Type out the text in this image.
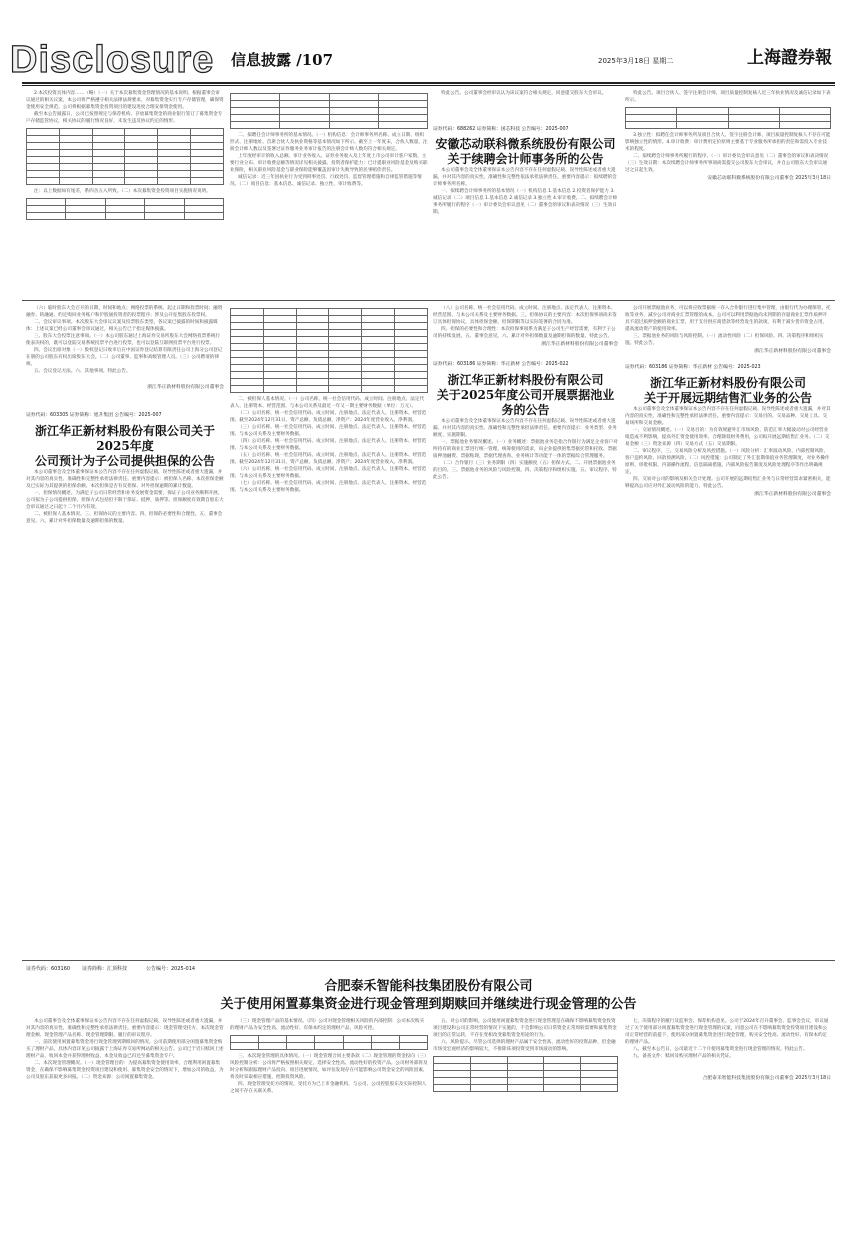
Disclosure 信息披露 /107	2025年3月18日 星期二	上海證券報

2.本次投资具体内容……（略）（一）关于本次募集资金管理情况的基本说明。根据董事会审议通过的相关议案，本公司将严格遵守相关法律法规要求，对募集资金实行专户存储管理，确保资金使用安全规范。公司将根据募集资金投资项目的建设进度合理安排资金使用。

截至本公告披露日，公司已按照规定与保荐机构、存放募集资金的商业银行签订了募集资金专户存储监管协议，相关协议的履行情况良好，未发生违反协议约定的情形。

注：以上数据如有尾差，系四舍五入所致。（二）本次募集资金投资项目实施情况说明。

二、拟聘任会计师事务所的基本情况。（一）机构信息：会计师事务所名称、成立日期、组织形式、注册地址、首席合伙人及执业资格等基本情况如下所示。截至上一年度末，合伙人数量、注册会计师人数以及签署过证券服务业务审计报告的注册会计师人数均符合相关规定。

上年度经审计的收入总额、审计业务收入、证券业务收入及上年度上市公司审计客户家数、主要行业分布、审计收费总额等情况详见相关披露。投资者保护能力：已计提职业风险基金及购买职业保险，相关职业风险基金与职业保险能够覆盖因审计失败导致的民事赔偿责任。

诚信记录：近三年因执业行为受到刑事处罚、行政处罚、监督管理措施和自律监管措施等情况。（二）项目信息：基本信息、诚信记录、独立性、审计收费等。

特此公告。公司董事会经审议认为该议案符合相关规定，同意提交股东大会审议。

证券代码：688262 证券简称：国芯科技 公告编号：2025-007
安徽芯动联科微系统股份有限公司
关于续聘会计师事务所的公告

本公司董事会及全体董事保证本公告内容不存在任何虚假记载、误导性陈述或者重大遗漏，并对其内容的真实性、准确性和完整性依法承担法律责任。重要内容提示：拟续聘的会计师事务所名称。

一、拟续聘会计师事务所的基本情况（一）机构信息 1.基本信息 2.投资者保护能力 3.诚信记录（二）项目信息 1.基本信息 2.诚信记录 3.独立性 4.审计收费。二、拟续聘会计师事务所履行的程序（一）审计委员会审议意见（二）董事会的审议和表决情况（三）生效日期。

特此公告。项目合伙人、签字注册会计师、项目质量控制复核人近三年执业情况及诚信记录如下表所示。

3.独立性：拟聘任会计师事务所及项目合伙人、签字注册会计师、项目质量控制复核人不存在可能影响独立性的情形。4.审计收费：审计费用定价原则主要基于专业服务所承担的责任和需投入专业技术的程度。

二、拟续聘会计师事务所履行的程序。（一）审计委员会审议意见（二）董事会的审议和表决情况（三）生效日期：本次续聘会计师事务所事项尚需提交公司股东大会审议，并自公司股东大会审议通过之日起生效。

安徽芯动联科微系统股份有限公司董事会 2025年3月18日

（六）临时股东大会召开的日期、时间和地点；网络投票的系统、起止日期和投票时间；融资融券、转融通、约定购回业务账户和沪股通投资者的投票程序；涉及公开征集股东投票权。

二、会议审议事项。本次股东大会审议议案及投票股东类型。各议案已披露的时间和披露媒体：上述议案已经公司董事会审议通过，相关公告已于指定媒体披露。

三、股东大会投票注意事项。（一）本公司股东通过上海证券交易所股东大会网络投票系统行使表决权的，既可以登陆交易系统投票平台进行投票，也可以登陆互联网投票平台进行投票。

四、会议出席对象（一）股权登记日收市后在中国证券登记结算有限责任公司上海分公司登记在册的公司股东有权出席股东大会。（二）公司董事、监事和高级管理人员。（三）公司聘请的律师。

五、会议登记方法。六、其他事项。特此公告。

浙江华正新材料股份有限公司董事会
证券代码：603305 证券简称：旭升集团 公告编号：2025-007
浙江华正新材料股份有限公司关于2025年度
公司预计为子公司提供担保的公告

本公司董事会及全体董事保证本公告内容不存在任何虚假记载、误导性陈述或者重大遗漏，并对其内容的真实性、准确性和完整性承担法律责任。重要内容提示：被担保人名称、本次担保金额及已实际为其提供的担保余额、本次担保是否有反担保、对外担保逾期的累计数量。

一、担保情况概述。为满足子公司日常经营和业务发展资金需要，保证子公司业务顺利开展，公司拟为子公司提供担保，担保方式包括但不限于保证、抵押、质押等。担保额度有效期自股东大会审议通过之日起十二个月内有效。

二、被担保人基本情况。三、担保协议的主要内容。四、担保的必要性和合理性。五、董事会意见。六、累计对外担保数量及逾期担保的数量。

二、被担保人基本情况。（一）公司名称、统一社会信用代码、成立时间、注册地点、法定代表人、注册资本、经营范围、与本公司关系及最近一年又一期主要财务数据（单位：万元）。

（二）公司名称、统一社会信用代码、成立时间、注册地点、法定代表人、注册资本、经营范围。截至2024年12月31日，资产总额、负债总额、净资产；2024年度营业收入、净利润。

（三）公司名称、统一社会信用代码、成立时间、注册地点、法定代表人、注册资本、经营范围、与本公司关系及主要财务数据。

（四）公司名称、统一社会信用代码、成立时间、注册地点、法定代表人、注册资本、经营范围、与本公司关系及主要财务数据。

（五）公司名称、统一社会信用代码、成立时间、注册地点、法定代表人、注册资本、经营范围。截至2024年12月31日，资产总额、负债总额、净资产；2024年度营业收入、净利润。

（六）公司名称、统一社会信用代码、成立时间、注册地点、法定代表人、注册资本、经营范围、与本公司关系及主要财务数据。

（七）公司名称、统一社会信用代码、成立时间、注册地点、法定代表人、注册资本、经营范围、与本公司关系及主要财务数据。

（八）公司名称、统一社会信用代码、成立时间、注册地点、法定代表人、注册资本、经营范围、与本公司关系及主要财务数据。三、担保协议的主要内容：本次担保事项尚未签订具体担保协议，具体担保金额、担保期限等以实际签署的合同为准。

四、担保的必要性和合理性：本次担保事项系为满足子公司生产经营需要，有利于子公司的持续发展。五、董事会意见。六、累计对外担保数量及逾期担保的数量。特此公告。

浙江华正新材料股份有限公司董事会
证券代码：603186 证券简称：华正新材 公告编号：2025-022
浙江华正新材料股份有限公司
关于2025年度公司开展票据池业务的公告

本公司董事会及全体董事保证本公告内容不存在任何虚假记载、误导性陈述或者重大遗漏，并对其内容的真实性、准确性和完整性承担法律责任。重要内容提示：业务类型、业务额度、实施期限。

一、票据池业务情况概述。（一）业务概述：票据池业务是指合作银行为满足企业客户对所持有的商业汇票进行统一管理、统筹使用的需求，向企业提供的集票据托管和托收、票据质押池融资、票据贴现、票据代理查询、业务统计等功能于一体的票据综合管理服务。

（二）合作银行（三）业务期限（四）实施额度（五）担保方式。二、开展票据池业务的目的。三、票据池业务的风险与风险控制。四、决策程序和组织实施。五、审议程序。特此公告。

公司开展票据池业务，可以将应收票据统一存入合作银行进行集中管理，由银行代为办理保管、托收等业务，减少公司对商业汇票管理的成本。公司可以利用票据池尚未到期的存量商业汇票作质押开具不超过质押金额的商业汇票，用于支付供应商货款等经营发生的款项，有利于减少货币资金占用，提高流动资产的使用效率。

三、票据池业务的风险与风险控制。（一）流动性风险（二）担保风险。四、决策程序和组织实施。特此公告。

浙江华正新材料股份有限公司董事会
证券代码：603186 证券简称：华正新材 公告编号：2025-023
浙江华正新材料股份有限公司
关于开展远期结售汇业务的公告

本公司董事会及全体董事保证本公告内容不存在任何虚假记载、误导性陈述或者重大遗漏，并对其内容的真实性、准确性和完整性承担法律责任。重要内容提示：交易目的、交易品种、交易工具、交易场所和交易金额。

一、交易情况概述。（一）交易目的：为有效规避外汇市场风险，防范汇率大幅波动对公司经营业绩造成不利影响，提高外汇资金使用效率，合理降低财务费用，公司拟开展远期结售汇业务。（二）交易金额（三）资金来源（四）交易方式（五）交易期限。

二、审议程序。三、交易风险分析及风控措施。（一）风险分析：汇率波动风险、内部控制风险、客户违约风险、回款预测风险。（二）风控措施：公司制定了外汇套期保值业务管理制度，对业务操作原则、审批权限、内部操作流程、信息隔离措施、内部风险报告制度及风险处理程序等作出明确规定。

四、交易对公司的影响及相关会计处理。公司开展的远期结售汇业务与日常经营需求紧密相关，能够提高公司应对外汇波动风险的能力。特此公告。

浙江华正新材料股份有限公司董事会
证券代码：603160 证券简称：汇顶科技	公告编号：2025-014
合肥泰禾智能科技集团股份有限公司
关于使用闲置募集资金进行现金管理到期赎回并继续进行现金管理的公告

本公司董事会及全体董事保证本公告内容不存在任何虚假记载、误导性陈述或者重大遗漏，并对其内容的真实性、准确性和完整性承担法律责任。重要内容提示：现金管理受托方、本次现金管理金额、现金管理产品名称、现金管理期限、履行的审议程序。

一、前次使用闲置募集资金进行现金管理到期赎回的情况。公司前期使用部分闲置募集资金购买了理财产品，具体内容详见公司披露于上海证券交易所网站的相关公告。公司已于近日赎回上述理财产品，收回本金并获得理财收益，本金及收益已归还至募集资金专户。

二、本次现金管理概况。（一）现金管理目的：为提高募集资金使用效率，合理利用闲置募集资金，在确保不影响募集资金投资项目建设和使用、募集资金安全的情况下，增加公司的收益，为公司及股东获取更多回报。（二）资金来源：公司闲置募集资金。

（三）现金管理产品的基本情况。（四）公司对现金管理相关风险的内部控制：公司本次购买的理财产品为安全性高、流动性好、有保本约定的理财产品，风险可控。

三、本次现金管理的具体情况。（一）现金管理合同主要条款（二）现金管理的资金投向（三）风险控制分析：公司将严格按照相关规定，选择安全性高、流动性好的投资产品。公司财务部将及时分析和跟踪理财产品投向、项目进展情况，如评估发现存在可能影响公司资金安全的风险因素，将及时采取相应措施，控制投资风险。

四、现金管理受托方的情况。受托方为已上市金融机构，与公司、公司控股股东及实际控制人之间不存在关联关系。

五、对公司的影响。公司使用闲置募集资金进行现金管理是在确保不影响募集资金投资项目建设和公司正常经营的情况下实施的，不会影响公司日常资金正常周转需要和募集资金项目的正常运转，不存在变相改变募集资金用途的行为。

六、风险提示。尽管公司选择的理财产品属于安全性高、流动性好的投资品种，但金融市场受宏观经济的影响较大，不排除该项投资受到市场波动的影响。

七、决策程序的履行及监事会、保荐机构意见。公司于2024年召开董事会、监事会会议，审议通过了关于使用部分闲置募集资金进行现金管理的议案，同意公司在不影响募集资金投资项目建设和公司正常经营的前提下，使用部分闲置募集资金进行现金管理，购买安全性高、流动性好、有保本约定的理财产品。

八、截至本公告日，公司最近十二个月使用募集资金进行现金管理的情况。特此公告。

九、备查文件：赎回及购买理财产品的相关凭证。

合肥泰禾智能科技集团股份有限公司董事会 2025年3月18日
